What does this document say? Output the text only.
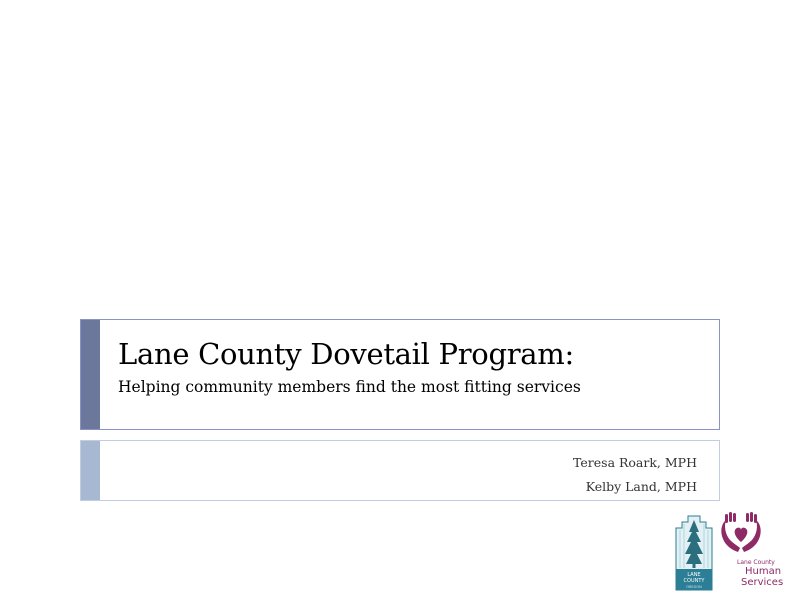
Lane County Dovetail Program:
Helping community members find the most fitting services
Teresa Roark, MPH
Kelby Land, MPH
LANE
COUNTY
OREGON
Lane County
Human
Services
